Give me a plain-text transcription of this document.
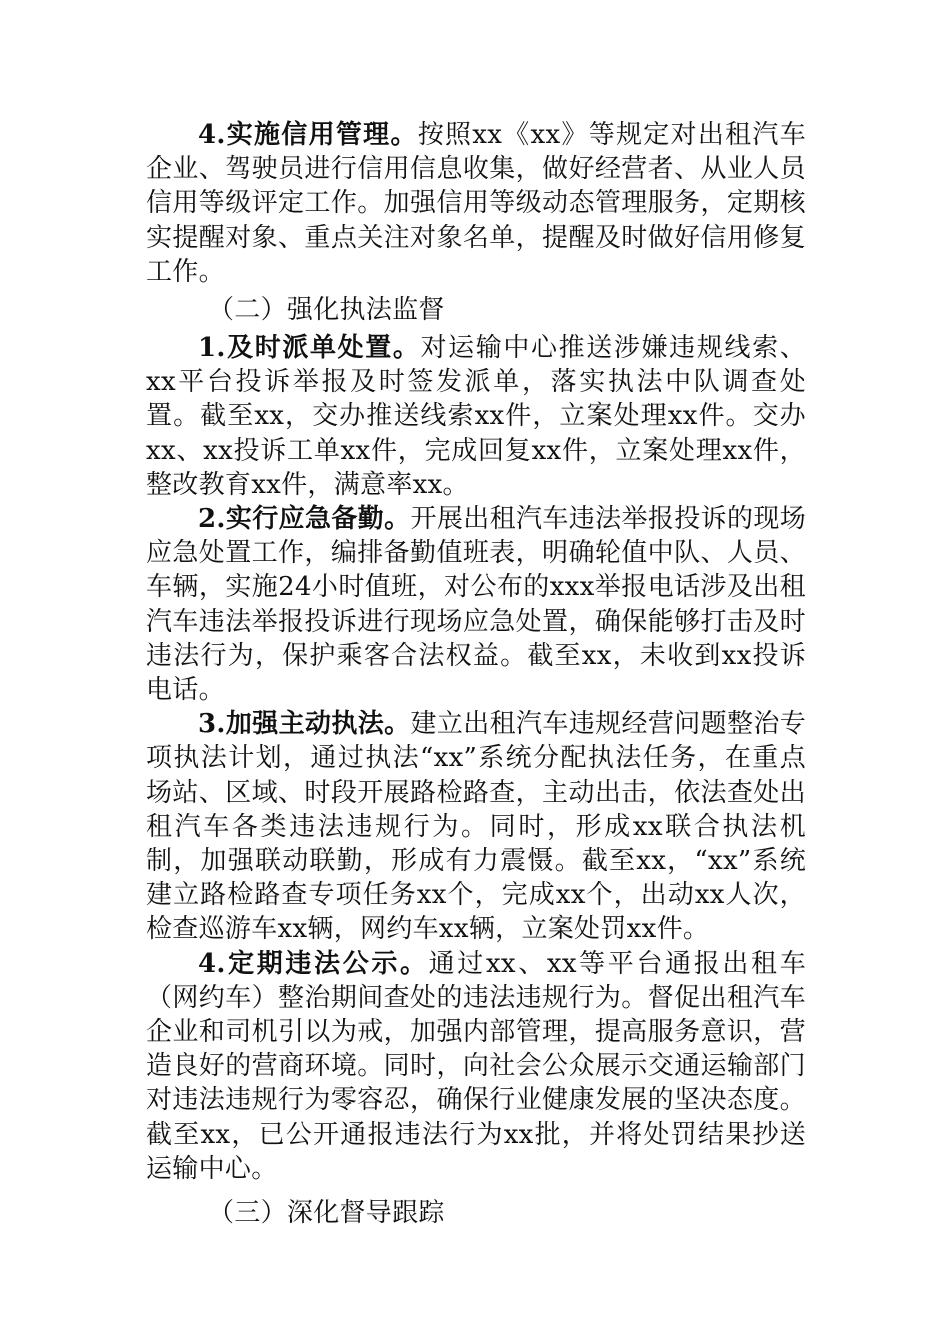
4.实施信用管理。按照xx《xx》等规定对出租汽车企业、驾驶员进行信用信息收集，做好经营者、从业人员信用等级评定工作。加强信用等级动态管理服务，定期核实提醒对象、重点关注对象名单，提醒及时做好信用修复工作。

（二）强化执法监督

1.及时派单处置。对运输中心推送涉嫌违规线索、xx平台投诉举报及时签发派单，落实执法中队调查处置。截至xx，交办推送线索xx件，立案处理xx件。交办xx、xx投诉工单xx件，完成回复xx件，立案处理xx件，整改教育xx件，满意率xx。

2.实行应急备勤。开展出租汽车违法举报投诉的现场应急处置工作，编排备勤值班表，明确轮值中队、人员、车辆，实施24小时值班，对公布的xxx举报电话涉及出租汽车违法举报投诉进行现场应急处置，确保能够打击及时违法行为，保护乘客合法权益。截至xx，未收到xx投诉电话。

3.加强主动执法。建立出租汽车违规经营问题整治专项执法计划，通过执法“xx”系统分配执法任务，在重点场站、区域、时段开展路检路查，主动出击，依法查处出租汽车各类违法违规行为。同时，形成xx联合执法机制，加强联动联勤，形成有力震慑。截至xx，“xx”系统建立路检路查专项任务xx个，完成xx个，出动xx人次，检查巡游车xx辆，网约车xx辆，立案处罚xx件。

4.定期违法公示。通过xx、xx等平台通报出租车（网约车）整治期间查处的违法违规行为。督促出租汽车企业和司机引以为戒，加强内部管理，提高服务意识，营造良好的营商环境。同时，向社会公众展示交通运输部门对违法违规行为零容忍，确保行业健康发展的坚决态度。截至xx，已公开通报违法行为xx批，并将处罚结果抄送运输中心。

（三）深化督导跟踪
